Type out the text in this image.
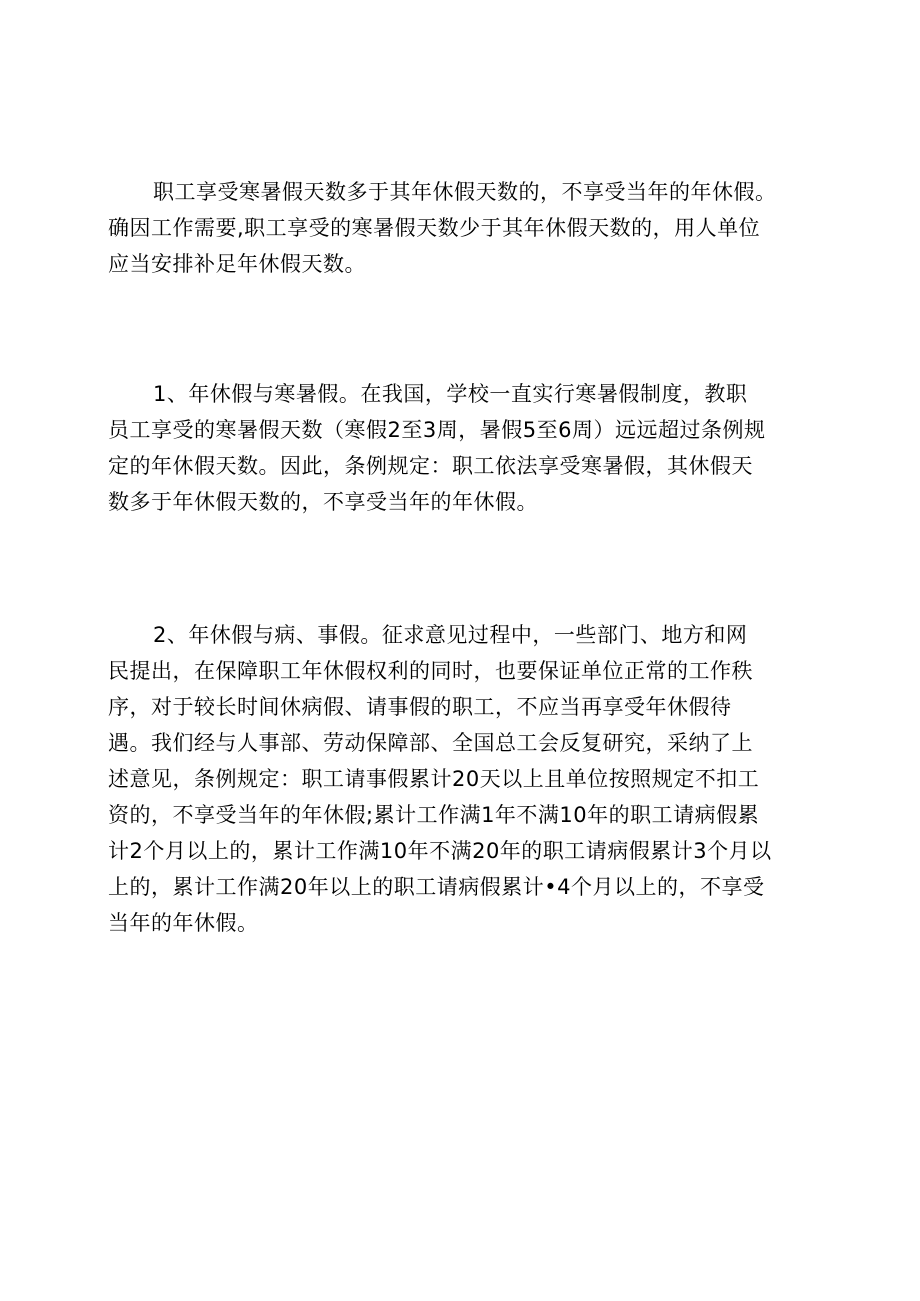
职工享受寒暑假天数多于其年休假天数的，不享受当年的年休假。
确因工作需要,职工享受的寒暑假天数少于其年休假天数的，用人单位
应当安排补足年休假天数。
1、年休假与寒暑假。在我国，学校一直实行寒暑假制度，教职
员工享受的寒暑假天数（寒假2至3周，暑假5至6周）远远超过条例规
定的年休假天数。因此，条例规定：职工依法享受寒暑假，其休假天
数多于年休假天数的，不享受当年的年休假。
2、年休假与病、事假。征求意见过程中，一些部门、地方和网
民提出，在保障职工年休假权利的同时，也要保证单位正常的工作秩
序，对于较长时间休病假、请事假的职工，不应当再享受年休假待
遇。我们经与人事部、劳动保障部、全国总工会反复研究，采纳了上
述意见，条例规定：职工请事假累计20天以上且单位按照规定不扣工
资的，不享受当年的年休假;累计工作满1年不满10年的职工请病假累
计2个月以上的，累计工作满10年不满20年的职工请病假累计3个月以
上的，累计工作满20年以上的职工请病假累计•4个月以上的，不享受
当年的年休假。
